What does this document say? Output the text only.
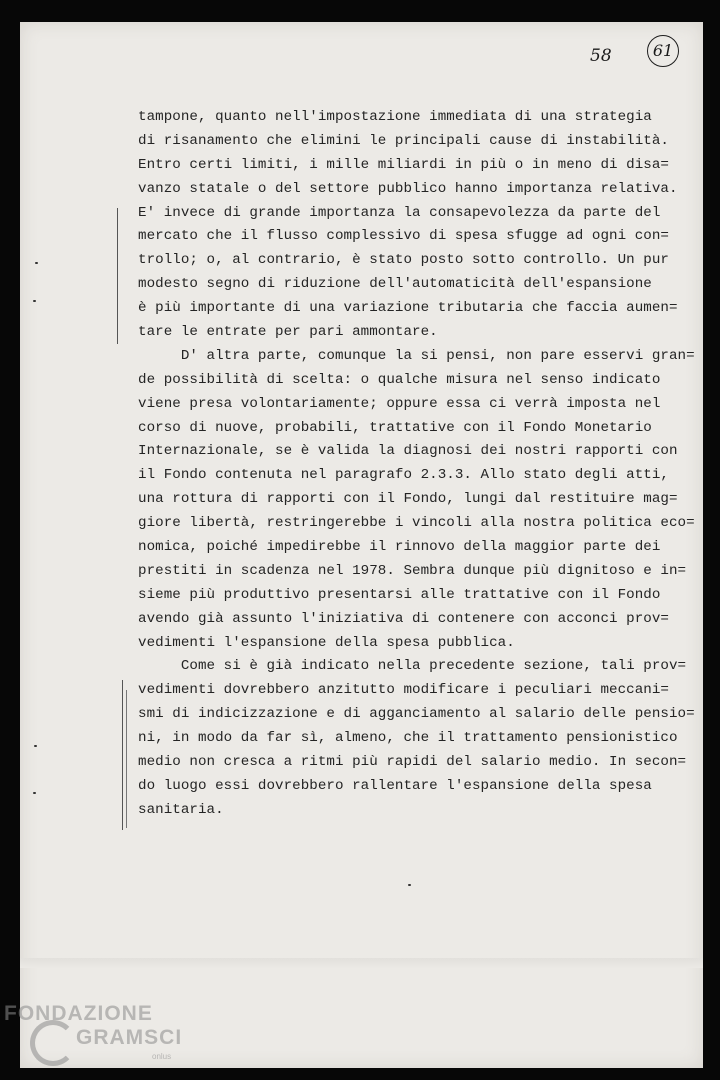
58	61
tampone, quanto nell'impostazione immediata di una strategia
di risanamento che elimini le principali cause di instabilità.
Entro certi limiti, i mille miliardi in più o in meno di disa=
vanzo statale o del settore pubblico hanno importanza relativa.
E' invece di grande importanza la consapevolezza da parte del
mercato che il flusso complessivo di spesa sfugge ad ogni con=
trollo; o, al contrario, è stato posto sotto controllo. Un pur
modesto segno di riduzione dell'automaticità dell'espansione
è più importante di una variazione tributaria che faccia aumen=
tare le entrate per pari ammontare.
D' altra parte, comunque la si pensi, non pare esservi gran=
de possibilità di scelta: o qualche misura nel senso indicato
viene presa volontariamente; oppure essa ci verrà imposta nel
corso di nuove, probabili, trattative con il Fondo Monetario
Internazionale, se è valida la diagnosi dei nostri rapporti con
il Fondo contenuta nel paragrafo 2.3.3. Allo stato degli atti,
una rottura di rapporti con il Fondo, lungi dal restituire mag=
giore libertà, restringerebbe i vincoli alla nostra politica eco=
nomica, poiché impedirebbe il rinnovo della maggior parte dei
prestiti in scadenza nel 1978. Sembra dunque più dignitoso e in=
sieme più produttivo presentarsi alle trattative con il Fondo
avendo già assunto l'iniziativa di contenere con acconci prov=
vedimenti l'espansione della spesa pubblica.
Come si è già indicato nella precedente sezione, tali prov=
vedimenti dovrebbero anzitutto modificare i peculiari meccani=
smi di indicizzazione e di agganciamento al salario delle pensio=
ni, in modo da far sì, almeno, che il trattamento pensionistico
medio non cresca a ritmi più rapidi del salario medio. In secon=
do luogo essi dovrebbero rallentare l'espansione della spesa
sanitaria.
FONDAZIONE
GRAMSCI
onlus
